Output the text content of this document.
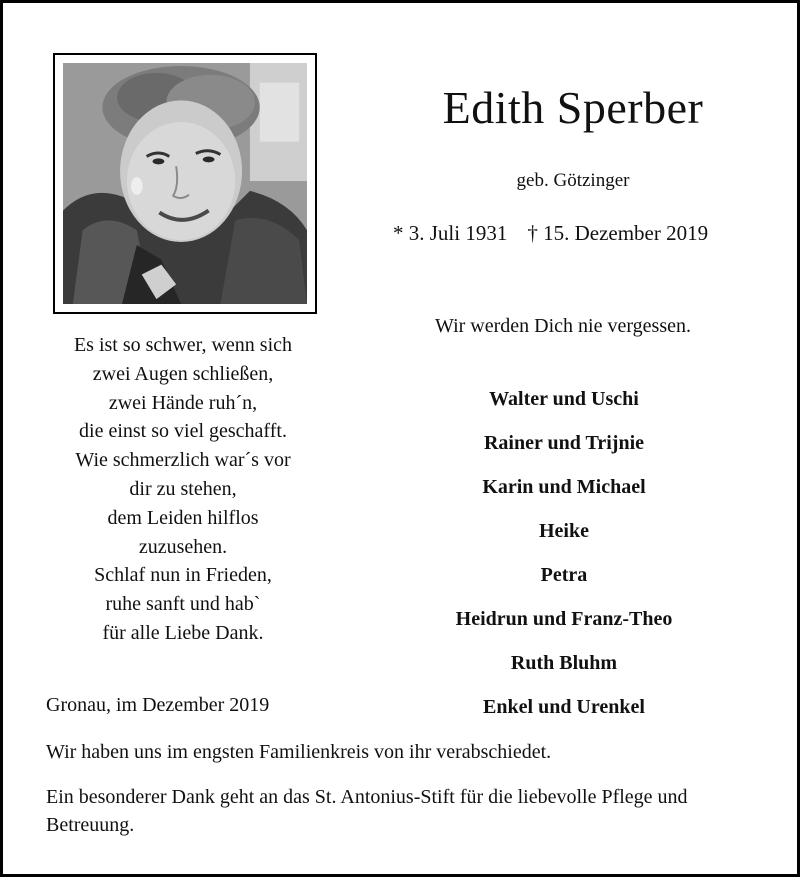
Edith Sperber
geb. Götzinger
* 3. Juli 1931 † 15. Dezember 2019
Es ist so schwer, wenn sich
zwei Augen schließen,
zwei Hände ruh´n,
die einst so viel geschafft.
Wie schmerzlich war´s vor
dir zu stehen,
dem Leiden hilflos
zuzusehen.
Schlaf nun in Frieden,
ruhe sanft und hab`
für alle Liebe Dank.
Wir werden Dich nie vergessen.
Walter und Uschi
Rainer und Trijnie
Karin und Michael
Heike
Petra
Heidrun und Franz-Theo
Ruth Bluhm
Enkel und Urenkel
Gronau, im Dezember 2019
Wir haben uns im engsten Familienkreis von ihr verabschiedet.
Ein besonderer Dank geht an das St. Antonius-Stift für die liebevolle Pflege und Betreuung.
